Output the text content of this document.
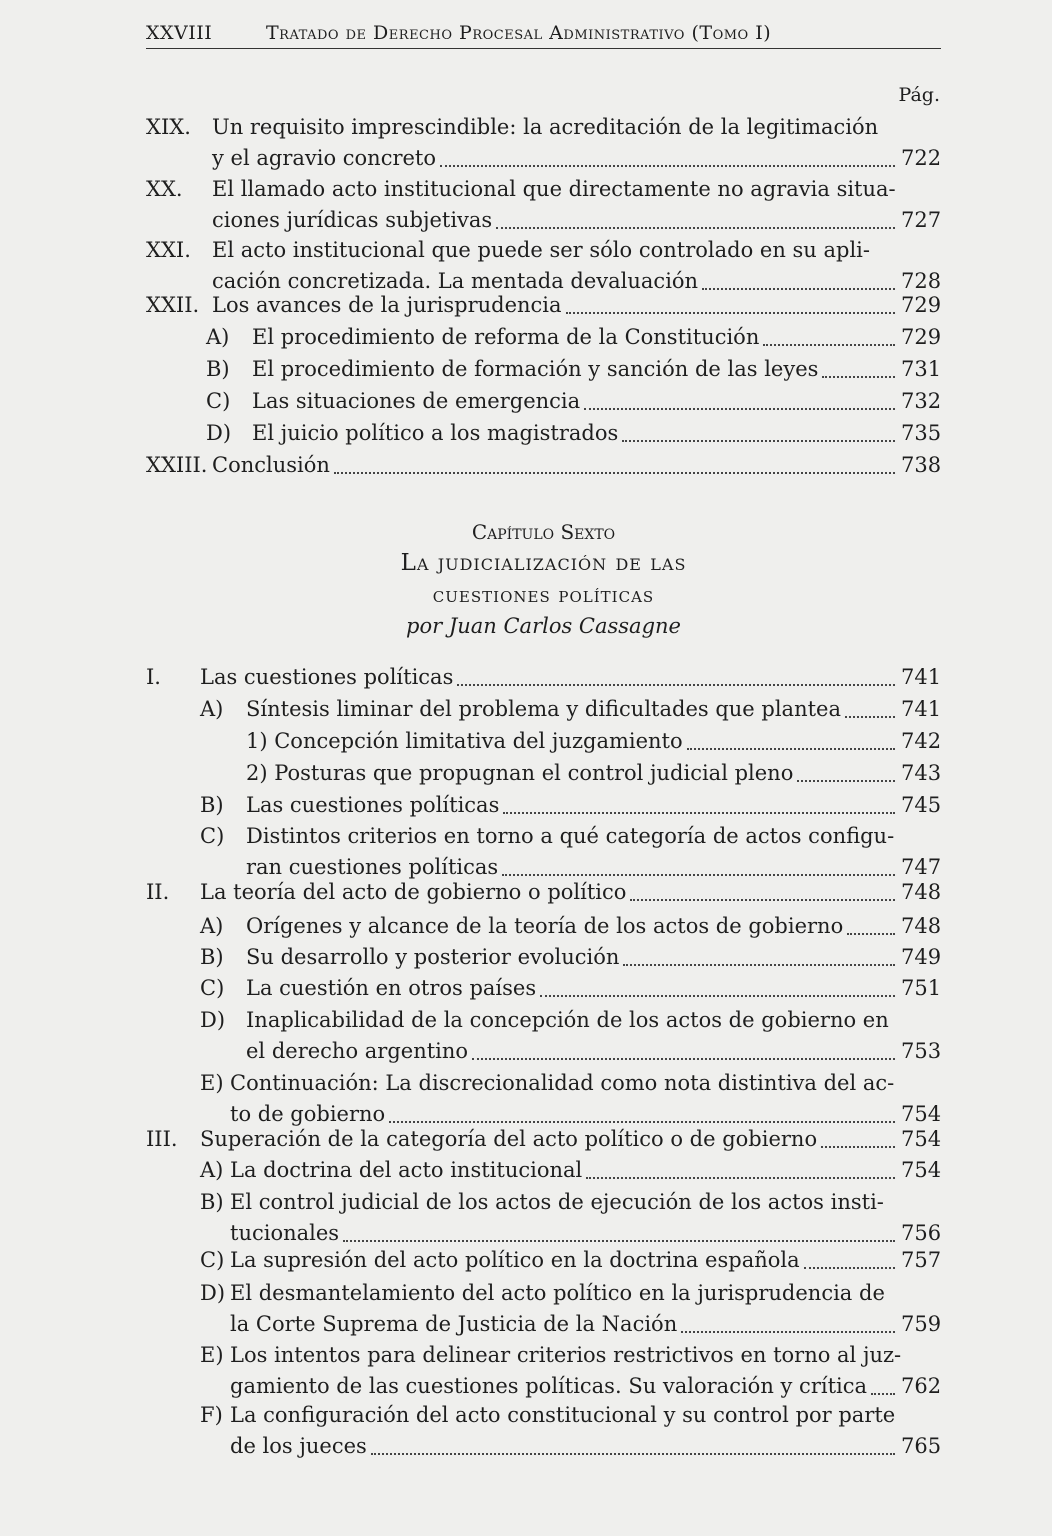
XXVIII	Tratado de Derecho Procesal Administrativo (Tomo I)
Pág.
XIX. Un requisito imprescindible: la acreditación de la legitimación
y el agravio concreto	722
XX. El llamado acto institucional que directamente no agravia situa-
ciones jurídicas subjetivas	727
XXI. El acto institucional que puede ser sólo controlado en su apli-
cación concretizada. La mentada devaluación	728
XXII. Los avances de la jurisprudencia	729
A) El procedimiento de reforma de la Constitución	729
B) El procedimiento de formación y sanción de las leyes	731
C) Las situaciones de emergencia	732
D) El juicio político a los magistrados	735
XXIII. Conclusión	738
Capítulo Sexto
La judicialización de las
cuestiones políticas
por Juan Carlos Cassagne
I. Las cuestiones políticas	741
A) Síntesis liminar del problema y dificultades que plantea	741
1) Concepción limitativa del juzgamiento	742
2) Posturas que propugnan el control judicial pleno	743
B) Las cuestiones políticas	745
C) Distintos criterios en torno a qué categoría de actos configu-
ran cuestiones políticas	747
II. La teoría del acto de gobierno o político	748
A) Orígenes y alcance de la teoría de los actos de gobierno	748
B) Su desarrollo y posterior evolución	749
C) La cuestión en otros países	751
D) Inaplicabilidad de la concepción de los actos de gobierno en
el derecho argentino	753
E) Continuación: La discrecionalidad como nota distintiva del ac-
to de gobierno	754
III. Superación de la categoría del acto político o de gobierno	754
A) La doctrina del acto institucional	754
B) El control judicial de los actos de ejecución de los actos insti-
tucionales	756
C) La supresión del acto político en la doctrina española	757
D) El desmantelamiento del acto político en la jurisprudencia de
la Corte Suprema de Justicia de la Nación	759
E) Los intentos para delinear criterios restrictivos en torno al juz-
gamiento de las cuestiones políticas. Su valoración y crítica 762
F) La configuración del acto constitucional y su control por parte
de los jueces	765
